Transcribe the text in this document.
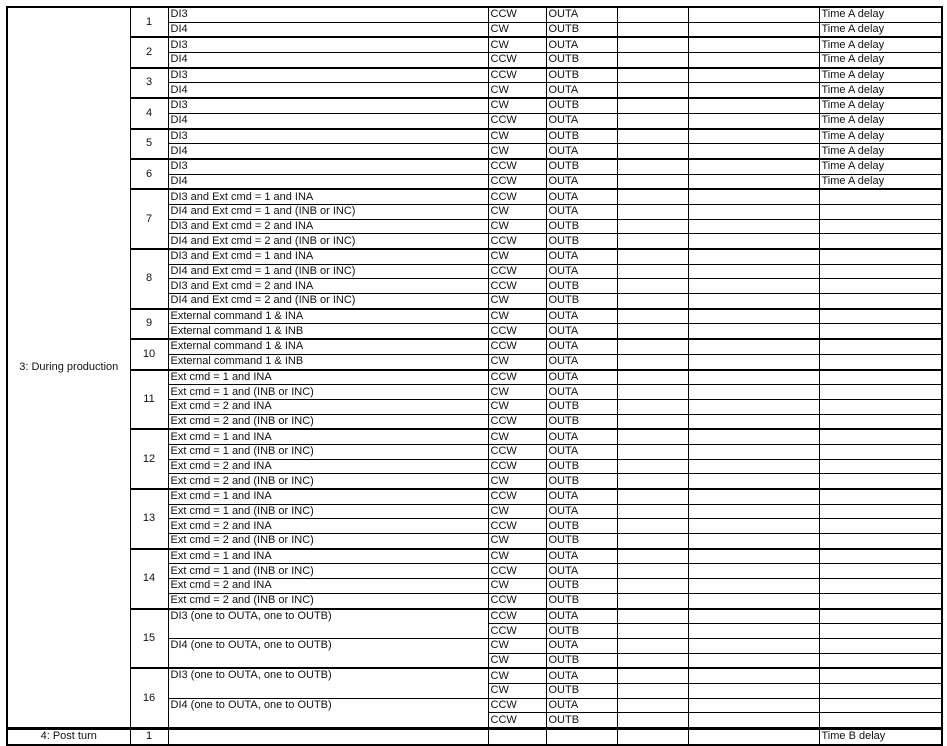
3: During production	1	DI3	CCW	OUTA			Time A delay
		DI4	CW	OUTB			Time A delay
	2	DI3	CW	OUTA			Time A delay
		DI4	CCW	OUTB			Time A delay
	3	DI3	CCW	OUTB			Time A delay
		DI4	CW	OUTA			Time A delay
	4	DI3	CW	OUTB			Time A delay
		DI4	CCW	OUTA			Time A delay
	5	DI3	CW	OUTB			Time A delay
		DI4	CW	OUTA			Time A delay
	6	DI3	CCW	OUTB			Time A delay
		DI4	CCW	OUTA			Time A delay
	7	DI3 and Ext cmd = 1 and INA	CCW	OUTA			
		DI4 and Ext cmd = 1 and (INB or INC)	CW	OUTA			
		DI3 and Ext cmd = 2 and INA	CW	OUTB			
		DI4 and Ext cmd = 2 and (INB or INC)	CCW	OUTB			
	8	DI3 and Ext cmd = 1 and INA	CW	OUTA			
		DI4 and Ext cmd = 1 and (INB or INC)	CCW	OUTA			
		DI3 and Ext cmd = 2 and INA	CCW	OUTB			
		DI4 and Ext cmd = 2 and (INB or INC)	CW	OUTB			
	9	External command 1 & INA	CW	OUTA			
		External command 1 & INB	CCW	OUTA			
	10	External command 1 & INA	CCW	OUTA			
		External command 1 & INB	CW	OUTA			
	11	Ext cmd = 1 and INA	CCW	OUTA			
		Ext cmd = 1 and (INB or INC)	CW	OUTA			
		Ext cmd = 2 and INA	CW	OUTB			
		Ext cmd = 2 and (INB or INC)	CCW	OUTB			
	12	Ext cmd = 1 and INA	CW	OUTA			
		Ext cmd = 1 and (INB or INC)	CCW	OUTA			
		Ext cmd = 2 and INA	CCW	OUTB			
		Ext cmd = 2 and (INB or INC)	CW	OUTB			
	13	Ext cmd = 1 and INA	CCW	OUTA			
		Ext cmd = 1 and (INB or INC)	CW	OUTA			
		Ext cmd = 2 and INA	CCW	OUTB			
		Ext cmd = 2 and (INB or INC)	CW	OUTB			
	14	Ext cmd = 1 and INA	CW	OUTA			
		Ext cmd = 1 and (INB or INC)	CCW	OUTA			
		Ext cmd = 2 and INA	CW	OUTB			
		Ext cmd = 2 and (INB or INC)	CCW	OUTB			
	15	DI3 (one to OUTA, one to OUTB)	CCW	OUTA			
			CCW	OUTB			
		DI4 (one to OUTA, one to OUTB)	CW	OUTA			
			CW	OUTB			
	16	DI3 (one to OUTA, one to OUTB)	CW	OUTA			
			CW	OUTB			
		DI4 (one to OUTA, one to OUTB)	CCW	OUTA			
			CCW	OUTB			
4: Post turn	1						Time B delay
